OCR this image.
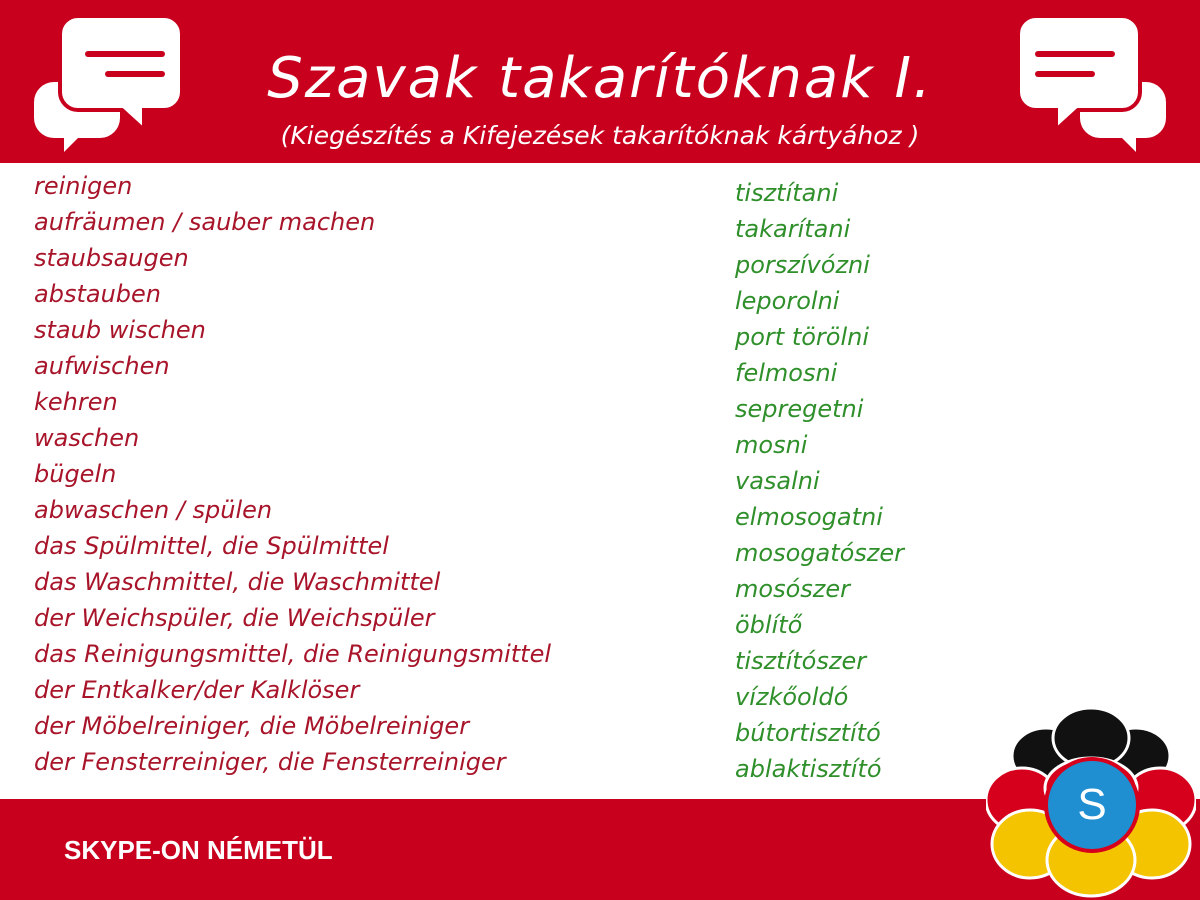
Szavak takarítóknak I.
(Kiegészítés a Kifejezések takarítóknak kártyához )
reinigen
aufräumen / sauber machen
staubsaugen
abstauben
staub wischen
aufwischen
kehren
waschen
bügeln
abwaschen / spülen
das Spülmittel, die Spülmittel
das Waschmittel, die Waschmittel
der Weichspüler, die Weichspüler
das Reinigungsmittel, die Reinigungsmittel
der Entkalker/der Kalklöser
der Möbelreiniger, die Möbelreiniger
der Fensterreiniger, die Fensterreiniger
tisztítani
takarítani
porszívózni
leporolni
port törölni
felmosni
sepregetni
mosni
vasalni
elmosogatni
mosogatószer
mosószer
öblítő
tisztítószer
vízkőoldó
bútortisztító
ablaktisztító
SKYPE-ON NÉMETÜL
S
